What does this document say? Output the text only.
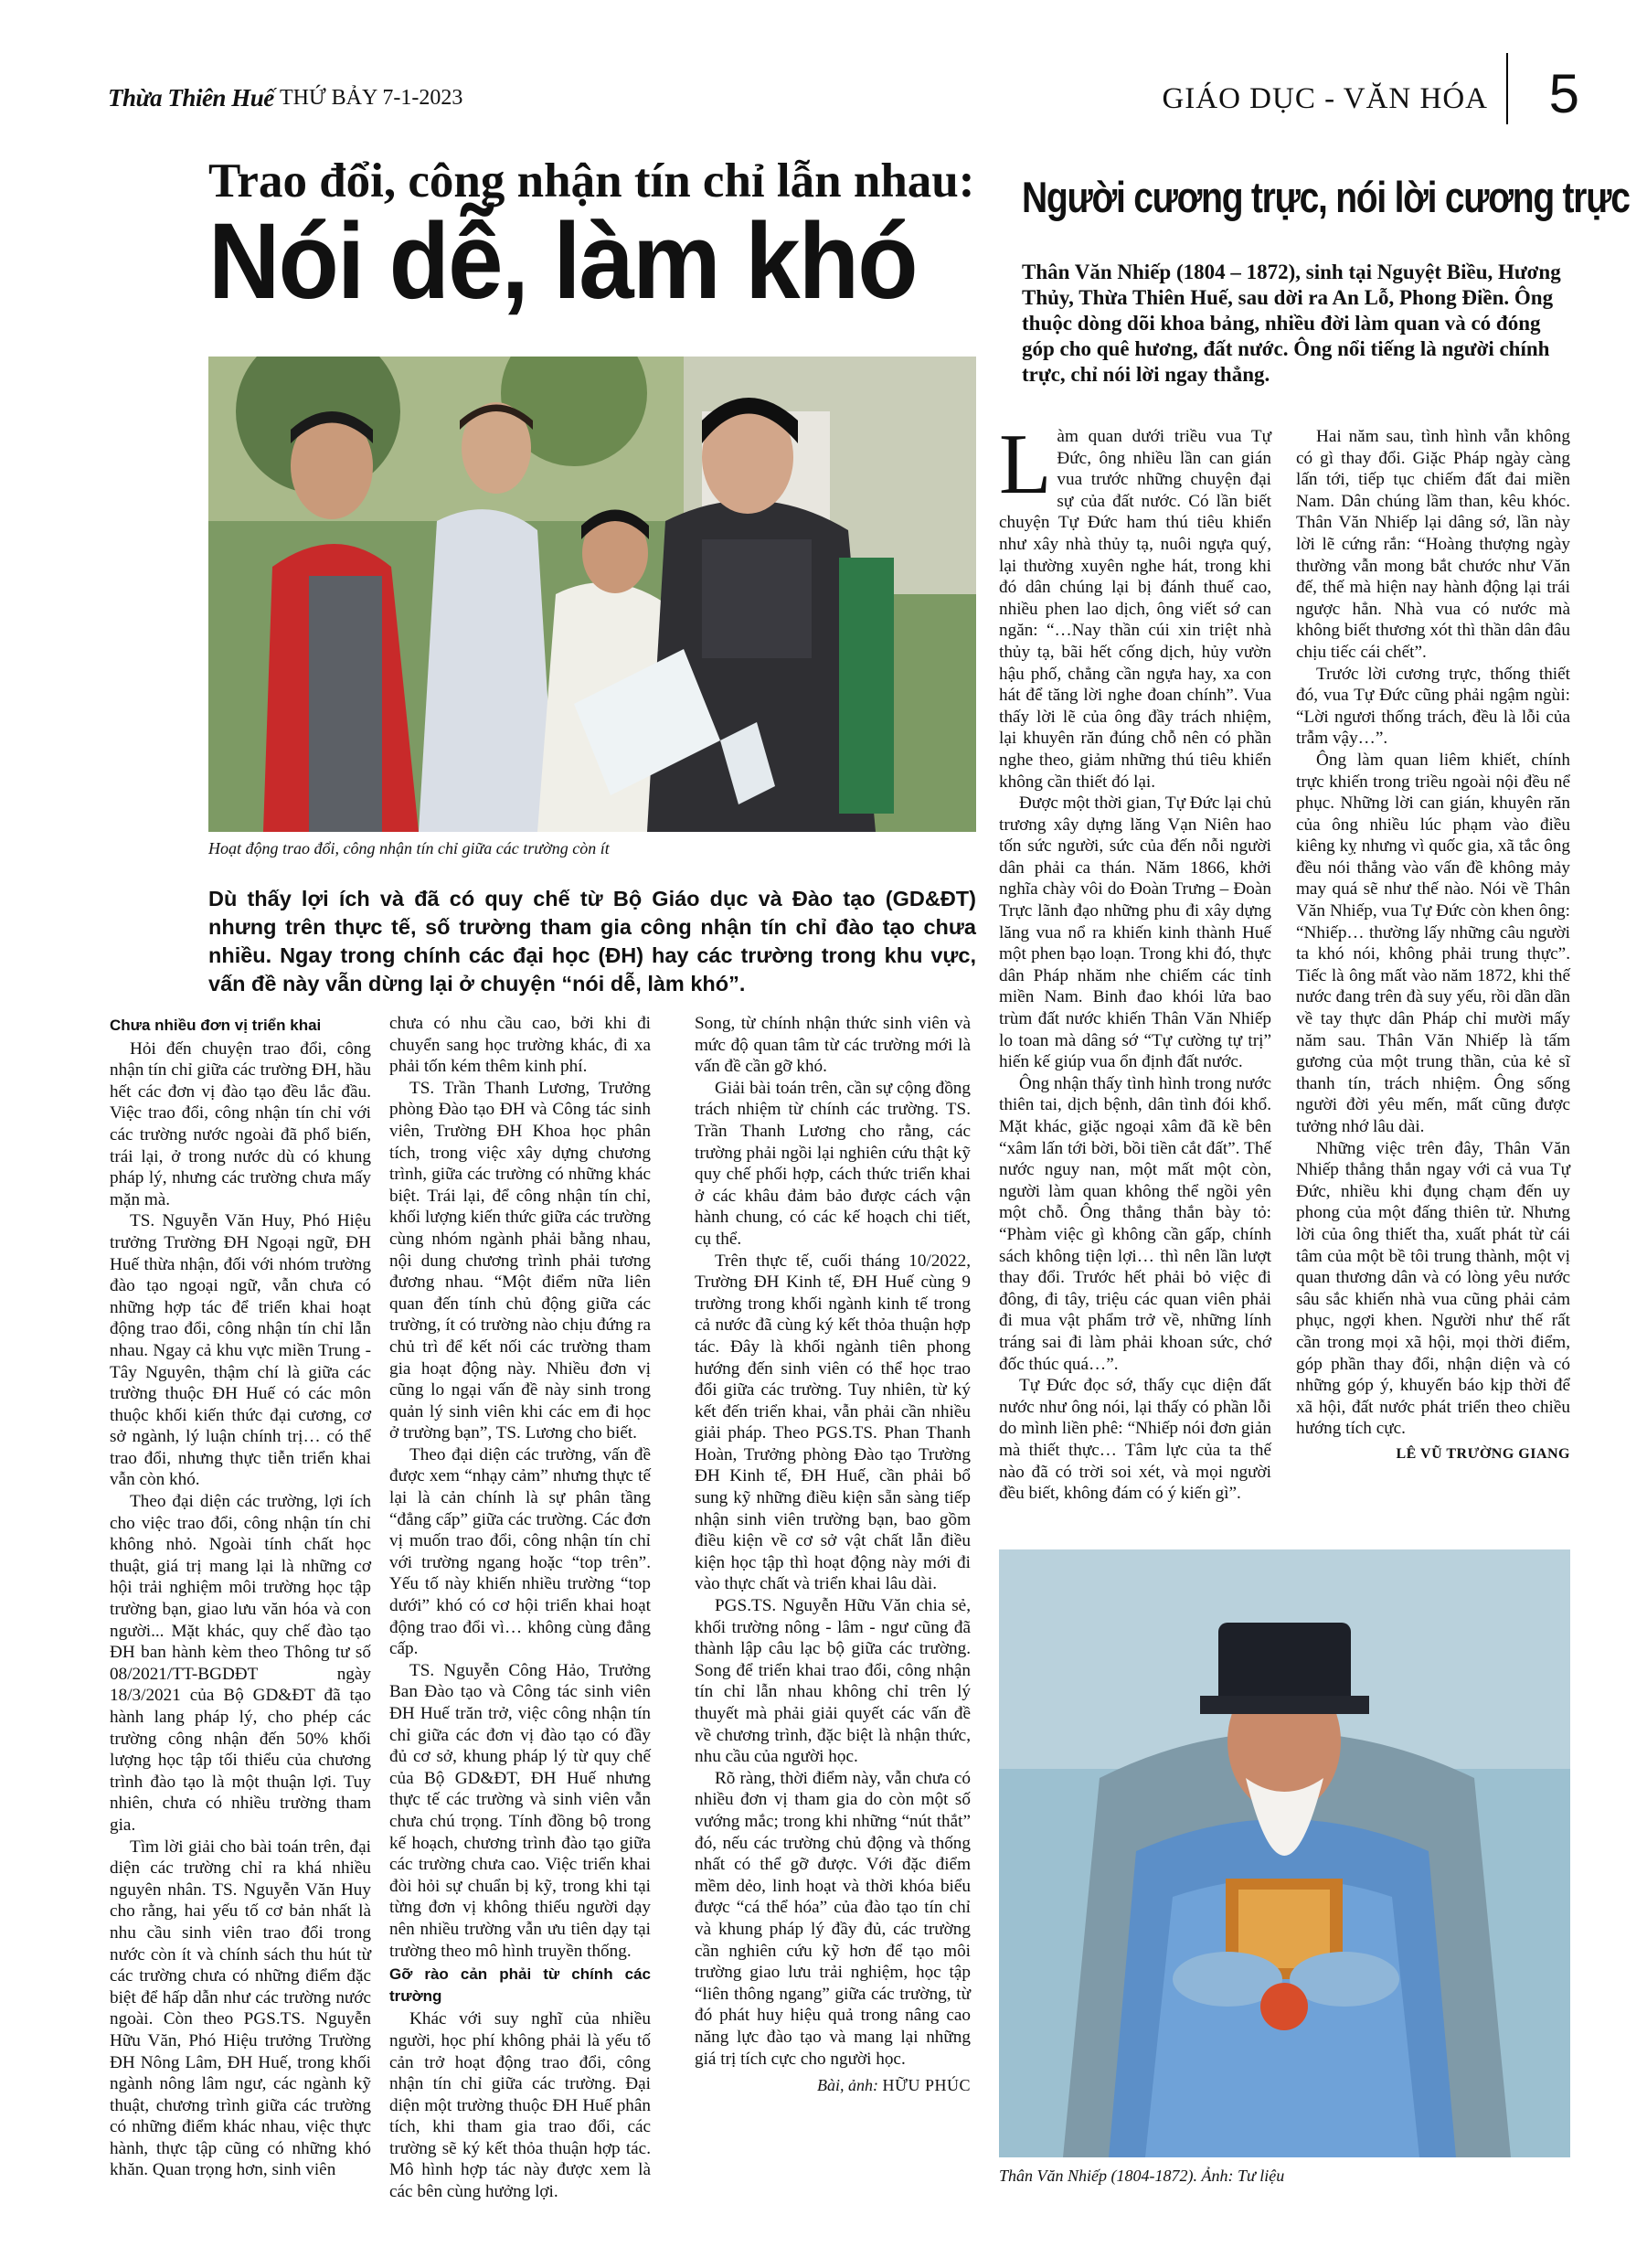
Thừa Thiên Huế THỨ BẢY 7-1-2023	GIÁO DỤC - VĂN HÓA 5
Trao đổi, công nhận tín chỉ lẫn nhau:
Nói dễ, làm khó
Hoạt động trao đổi, công nhận tín chỉ giữa các trường còn ít
Dù thấy lợi ích và đã có quy chế từ Bộ Giáo dục và Đào tạo (GD&ĐT) nhưng trên thực tế, số trường tham gia công nhận tín chỉ đào tạo chưa nhiều. Ngay trong chính các đại học (ĐH) hay các trường trong khu vực, vấn đề này vẫn dừng lại ở chuyện “nói dễ, làm khó”.

Chưa nhiều đơn vị triển khai

Hỏi đến chuyện trao đổi, công nhận tín chỉ giữa các trường ĐH, hầu hết các đơn vị đào tạo đều lắc đầu. Việc trao đổi, công nhận tín chỉ với các trường nước ngoài đã phổ biến, trái lại, ở trong nước dù có khung pháp lý, nhưng các trường chưa mấy mặn mà.

TS. Nguyễn Văn Huy, Phó Hiệu trưởng Trường ĐH Ngoại ngữ, ĐH Huế thừa nhận, đối với nhóm trường đào tạo ngoại ngữ, vẫn chưa có những hợp tác để triển khai hoạt động trao đổi, công nhận tín chỉ lẫn nhau. Ngay cả khu vực miền Trung - Tây Nguyên, thậm chí là giữa các trường thuộc ĐH Huế có các môn thuộc khối kiến thức đại cương, cơ sở ngành, lý luận chính trị… có thể trao đổi, nhưng thực tiễn triển khai vẫn còn khó.

Theo đại diện các trường, lợi ích cho việc trao đổi, công nhận tín chỉ không nhỏ. Ngoài tính chất học thuật, giá trị mang lại là những cơ hội trải nghiệm môi trường học tập trường bạn, giao lưu văn hóa và con người... Mặt khác, quy chế đào tạo ĐH ban hành kèm theo Thông tư số 08/2021/TT-BGDĐT ngày 18/3/2021 của Bộ GD&ĐT đã tạo hành lang pháp lý, cho phép các trường công nhận đến 50% khối lượng học tập tối thiểu của chương trình đào tạo là một thuận lợi. Tuy nhiên, chưa có nhiều trường tham gia.

Tìm lời giải cho bài toán trên, đại diện các trường chỉ ra khá nhiều nguyên nhân. TS. Nguyễn Văn Huy cho rằng, hai yếu tố cơ bản nhất là nhu cầu sinh viên trao đổi trong nước còn ít và chính sách thu hút từ các trường chưa có những điểm đặc biệt để hấp dẫn như các trường nước ngoài. Còn theo PGS.TS. Nguyễn Hữu Văn, Phó Hiệu trưởng Trường ĐH Nông Lâm, ĐH Huế, trong khối ngành nông lâm ngư, các ngành kỹ thuật, chương trình giữa các trường có những điểm khác nhau, việc thực hành, thực tập cũng có những khó khăn. Quan trọng hơn, sinh viên

chưa có nhu cầu cao, bởi khi đi chuyển sang học trường khác, đi xa phải tốn kém thêm kinh phí.

TS. Trần Thanh Lương, Trưởng phòng Đào tạo ĐH và Công tác sinh viên, Trường ĐH Khoa học phân tích, trong việc xây dựng chương trình, giữa các trường có những khác biệt. Trái lại, để công nhận tín chỉ, khối lượng kiến thức giữa các trường cùng nhóm ngành phải bằng nhau, nội dung chương trình phải tương đương nhau. “Một điểm nữa liên quan đến tính chủ động giữa các trường, ít có trường nào chịu đứng ra chủ trì để kết nối các trường tham gia hoạt động này. Nhiều đơn vị cũng lo ngại vấn đề này sinh trong quản lý sinh viên khi các em đi học ở trường bạn”, TS. Lương cho biết.

Theo đại diện các trường, vấn đề được xem “nhạy cảm” nhưng thực tế lại là cản chính là sự phân tầng “đẳng cấp” giữa các trường. Các đơn vị muốn trao đổi, công nhận tín chỉ với trường ngang hoặc “top trên”. Yếu tố này khiến nhiều trường “top dưới” khó có cơ hội triển khai hoạt động trao đổi vì… không cùng đẳng cấp.

TS. Nguyễn Công Hảo, Trưởng Ban Đào tạo và Công tác sinh viên ĐH Huế trăn trở, việc công nhận tín chỉ giữa các đơn vị đào tạo có đầy đủ cơ sở, khung pháp lý từ quy chế của Bộ GD&ĐT, ĐH Huế nhưng thực tế các trường và sinh viên vẫn chưa chú trọng. Tính đồng bộ trong kế hoạch, chương trình đào tạo giữa các trường chưa cao. Việc triển khai đòi hỏi sự chuẩn bị kỹ, trong khi tại từng đơn vị không thiếu người dạy nên nhiều trường vẫn ưu tiên dạy tại trường theo mô hình truyền thống.

Gỡ rào cản phải từ chính các trường

Khác với suy nghĩ của nhiều người, học phí không phải là yếu tố cản trở hoạt động trao đổi, công nhận tín chỉ giữa các trường. Đại diện một trường thuộc ĐH Huế phân tích, khi tham gia trao đổi, các trường sẽ ký kết thỏa thuận hợp tác. Mô hình hợp tác này được xem là các bên cùng hưởng lợi.

Song, từ chính nhận thức sinh viên và mức độ quan tâm từ các trường mới là vấn đề cần gỡ khó.

Giải bài toán trên, cần sự cộng đồng trách nhiệm từ chính các trường. TS. Trần Thanh Lương cho rằng, các trường phải ngồi lại nghiên cứu thật kỹ quy chế phối hợp, cách thức triển khai ở các khâu đảm bảo được cách vận hành chung, có các kế hoạch chi tiết, cụ thể.

Trên thực tế, cuối tháng 10/2022, Trường ĐH Kinh tế, ĐH Huế cùng 9 trường trong khối ngành kinh tế trong cả nước đã cùng ký kết thỏa thuận hợp tác. Đây là khối ngành tiên phong hướng đến sinh viên có thể học trao đổi giữa các trường. Tuy nhiên, từ ký kết đến triển khai, vẫn phải cần nhiều giải pháp. Theo PGS.TS. Phan Thanh Hoàn, Trưởng phòng Đào tạo Trường ĐH Kinh tế, ĐH Huế, cần phải bổ sung kỹ những điều kiện sẵn sàng tiếp nhận sinh viên trường bạn, bao gồm điều kiện về cơ sở vật chất lẫn điều kiện học tập thì hoạt động này mới đi vào thực chất và triển khai lâu dài.

PGS.TS. Nguyễn Hữu Văn chia sẻ, khối trường nông - lâm - ngư cũng đã thành lập câu lạc bộ giữa các trường. Song để triển khai trao đổi, công nhận tín chỉ lẫn nhau không chỉ trên lý thuyết mà phải giải quyết các vấn đề về chương trình, đặc biệt là nhận thức, nhu cầu của người học.

Rõ ràng, thời điểm này, vẫn chưa có nhiều đơn vị tham gia do còn một số vướng mắc; trong khi những “nút thắt” đó, nếu các trường chủ động và thống nhất có thể gỡ được. Với đặc điểm mềm dẻo, linh hoạt và thời khóa biểu được “cá thể hóa” của đào tạo tín chỉ và khung pháp lý đầy đủ, các trường cần nghiên cứu kỹ hơn để tạo môi trường giao lưu trải nghiệm, học tập “liên thông ngang” giữa các trường, từ đó phát huy hiệu quả trong nâng cao năng lực đào tạo và mang lại những giá trị tích cực cho người học.

Bài, ảnh: HỮU PHÚC

Người cương trực, nói lời cương trực
Thân Văn Nhiếp (1804 – 1872), sinh tại Nguyệt Biều, Hương Thủy, Thừa Thiên Huế, sau dời ra An Lỗ, Phong Điền. Ông thuộc dòng dõi khoa bảng, nhiều đời làm quan và có đóng góp cho quê hương, đất nước. Ông nổi tiếng là người chính trực, chỉ nói lời ngay thẳng.

Làm quan dưới triều vua Tự Đức, ông nhiều lần can gián vua trước những chuyện đại sự của đất nước. Có lần biết chuyện Tự Đức ham thú tiêu khiển như xây nhà thủy tạ, nuôi ngựa quý, lại thường xuyên nghe hát, trong khi đó dân chúng lại bị đánh thuế cao, nhiều phen lao dịch, ông viết sớ can ngăn: “…Nay thần cúi xin triệt nhà thủy tạ, bãi hết cống dịch, hủy vườn hậu phố, chẳng cần ngựa hay, xa con hát để tăng lời nghe đoan chính”. Vua thấy lời lẽ của ông đầy trách nhiệm, lại khuyên răn đúng chỗ nên có phần nghe theo, giảm những thú tiêu khiển không cần thiết đó lại.

Được một thời gian, Tự Đức lại chủ trương xây dựng lăng Vạn Niên hao tốn sức người, sức của đến nỗi người dân phải ca thán. Năm 1866, khởi nghĩa chày vôi do Đoàn Trưng – Đoàn Trực lãnh đạo những phu đi xây dựng lăng vua nổ ra khiến kinh thành Huế một phen bạo loạn. Trong khi đó, thực dân Pháp nhăm nhe chiếm các tỉnh miền Nam. Binh đao khói lửa bao trùm đất nước khiến Thân Văn Nhiếp lo toan mà dâng sớ “Tự cường tự trị” hiến kế giúp vua ổn định đất nước.

Ông nhận thấy tình hình trong nước thiên tai, dịch bệnh, dân tình đói khổ. Mặt khác, giặc ngoại xâm đã kề bên “xâm lấn tới bời, bồi tiền cắt đất”. Thế nước nguy nan, một mất một còn, người làm quan không thể ngồi yên một chỗ. Ông thẳng thắn bày tỏ: “Phàm việc gì không cần gấp, chính sách không tiện lợi… thì nên lần lượt thay đổi. Trước hết phải bỏ việc đi đông, đi tây, triệu các quan viên phải đi mua vật phẩm trở về, những lính tráng sai đi làm phải khoan sức, chớ đốc thúc quá…”.

Tự Đức đọc sớ, thấy cục diện đất nước như ông nói, lại thấy có phần lỗi do mình liền phê: “Nhiếp nói đơn giản mà thiết thực… Tâm lực của ta thế nào đã có trời soi xét, và mọi người đều biết, không đám có ý kiến gì”.

Hai năm sau, tình hình vẫn không có gì thay đổi. Giặc Pháp ngày càng lấn tới, tiếp tục chiếm đất đai miền Nam. Dân chúng lầm than, kêu khóc. Thân Văn Nhiếp lại dâng sớ, lần này lời lẽ cứng rắn: “Hoàng thượng ngày thường vẫn mong bắt chước như Văn đế, thế mà hiện nay hành động lại trái ngược hẳn. Nhà vua có nước mà không biết thương xót thì thần dân đâu chịu tiếc cái chết”.

Trước lời cương trực, thống thiết đó, vua Tự Đức cũng phải ngậm ngùi: “Lời ngươi thống trách, đều là lỗi của trẫm vậy…”.

Ông làm quan liêm khiết, chính trực khiến trong triều ngoài nội đều nể phục. Những lời can gián, khuyên răn của ông nhiều lúc phạm vào điều kiêng kỵ nhưng vì quốc gia, xã tắc ông đều nói thẳng vào vấn đề không mảy may quá sẽ như thế nào. Nói về Thân Văn Nhiếp, vua Tự Đức còn khen ông: “Nhiếp… thường lấy những câu người ta khó nói, không phải trung thực”. Tiếc là ông mất vào năm 1872, khi thế nước đang trên đà suy yếu, rồi dần dần về tay thực dân Pháp chỉ mười mấy năm sau. Thân Văn Nhiếp là tấm gương của một trung thần, của kẻ sĩ thanh tín, trách nhiệm. Ông sống người đời yêu mến, mất cũng được tưởng nhớ lâu dài.

Những việc trên đây, Thân Văn Nhiếp thẳng thắn ngay với cả vua Tự Đức, nhiều khi đụng chạm đến uy phong của một đấng thiên tử. Nhưng lời của ông thiết tha, xuất phát từ cái tâm của một bề tôi trung thành, một vị quan thương dân và có lòng yêu nước sâu sắc khiến nhà vua cũng phải cảm phục, ngợi khen. Người như thế rất cần trong mọi xã hội, mọi thời điểm, góp phần thay đổi, nhận diện và có những góp ý, khuyến báo kịp thời để xã hội, đất nước phát triển theo chiều hướng tích cực.

LÊ VŨ TRƯỜNG GIANG

Thân Văn Nhiếp (1804-1872). Ảnh: Tư liệu
